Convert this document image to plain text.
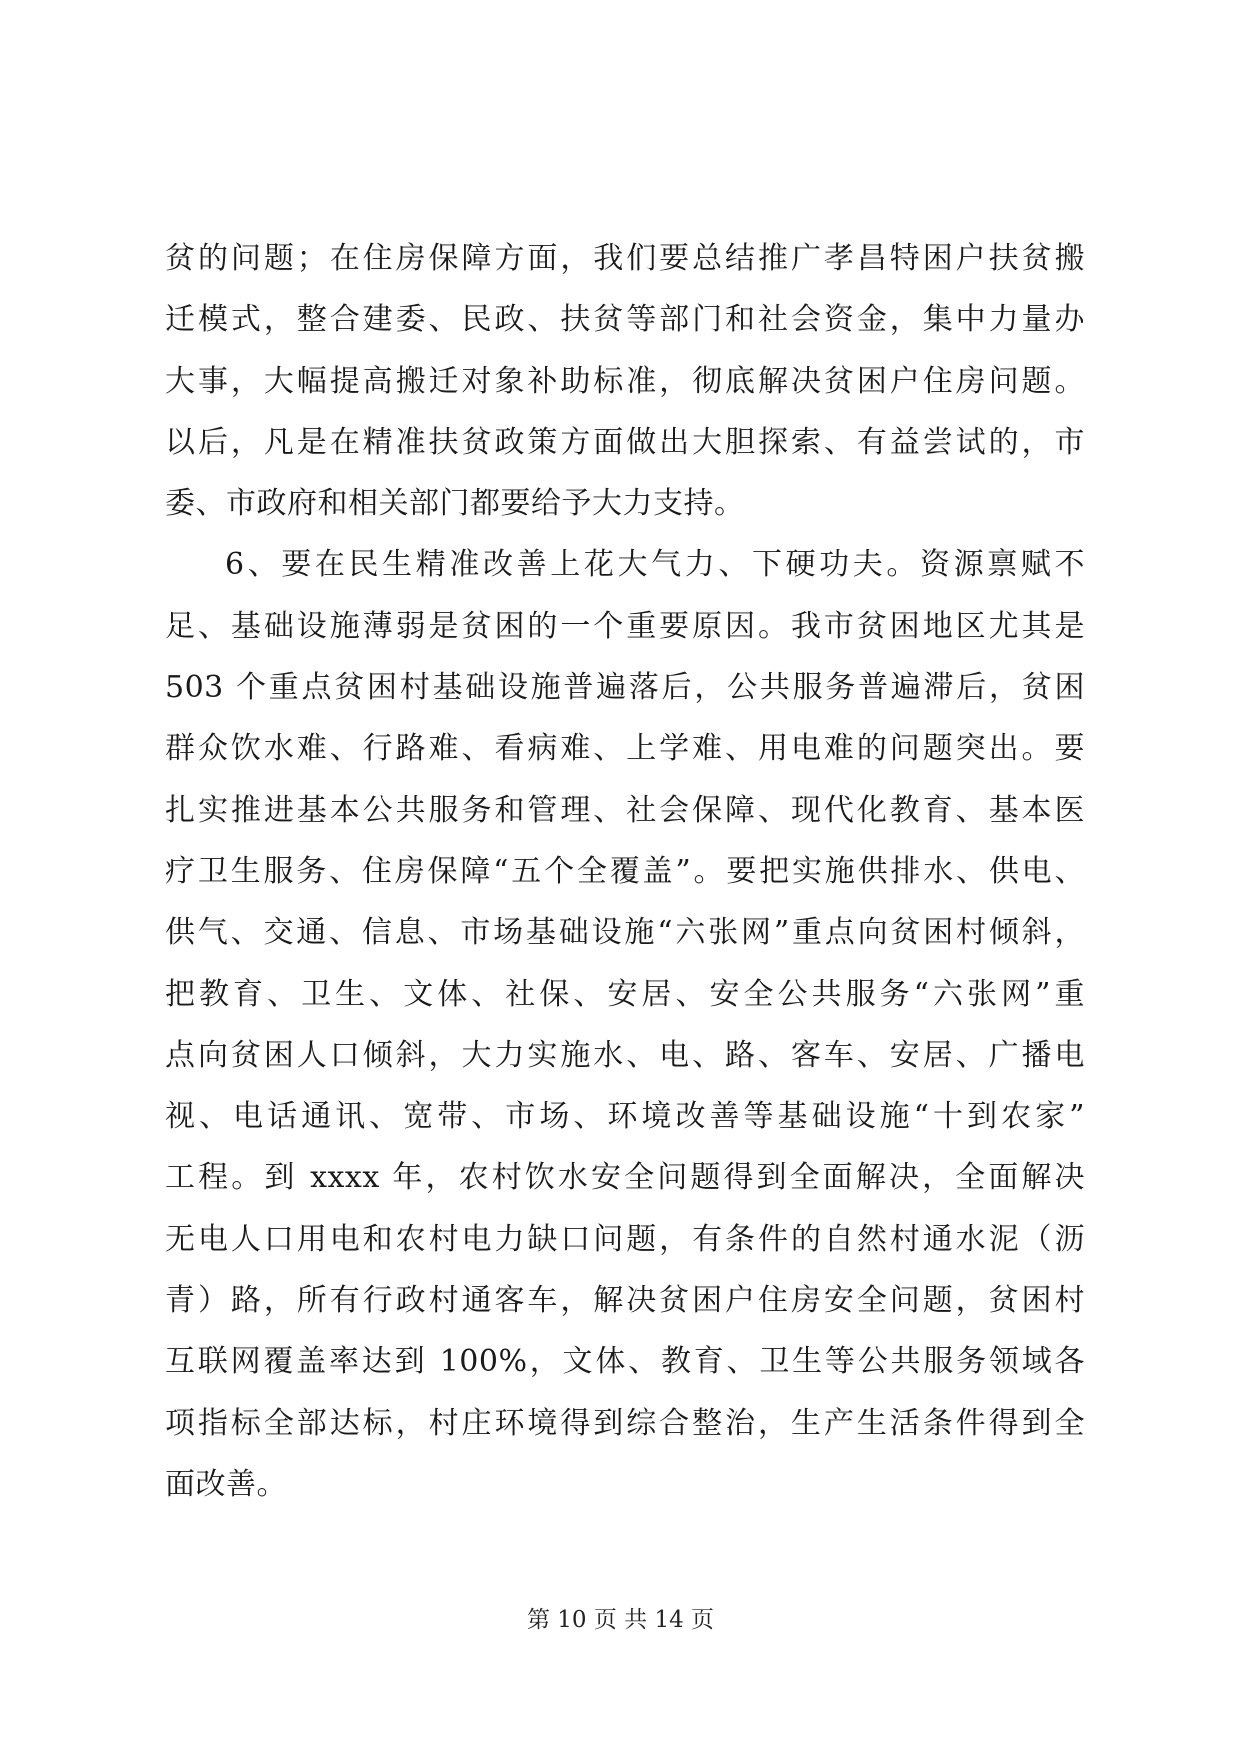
贫的问题；在住房保障方面，我们要总结推广孝昌特困户扶贫搬
迁模式，整合建委、民政、扶贫等部门和社会资金，集中力量办
大事，大幅提高搬迁对象补助标准，彻底解决贫困户住房问题。
以后，凡是在精准扶贫政策方面做出大胆探索、有益尝试的，市
委、市政府和相关部门都要给予大力支持。
6、要在民生精准改善上花大气力、下硬功夫。资源禀赋不
足、基础设施薄弱是贫困的一个重要原因。我市贫困地区尤其是
503 个重点贫困村基础设施普遍落后，公共服务普遍滞后，贫困
群众饮水难、行路难、看病难、上学难、用电难的问题突出。要
扎实推进基本公共服务和管理、社会保障、现代化教育、基本医
疗卫生服务、住房保障“五个全覆盖”。要把实施供排水、供电、
供气、交通、信息、市场基础设施“六张网”重点向贫困村倾斜，
把教育、卫生、文体、社保、安居、安全公共服务“六张网”重
点向贫困人口倾斜，大力实施水、电、路、客车、安居、广播电
视、电话通讯、宽带、市场、环境改善等基础设施“十到农家”
工程。到 xxxx 年，农村饮水安全问题得到全面解决，全面解决
无电人口用电和农村电力缺口问题，有条件的自然村通水泥（沥
青）路，所有行政村通客车，解决贫困户住房安全问题，贫困村
互联网覆盖率达到 100%，文体、教育、卫生等公共服务领域各
项指标全部达标，村庄环境得到综合整治，生产生活条件得到全
面改善。
第 10 页 共 14 页
